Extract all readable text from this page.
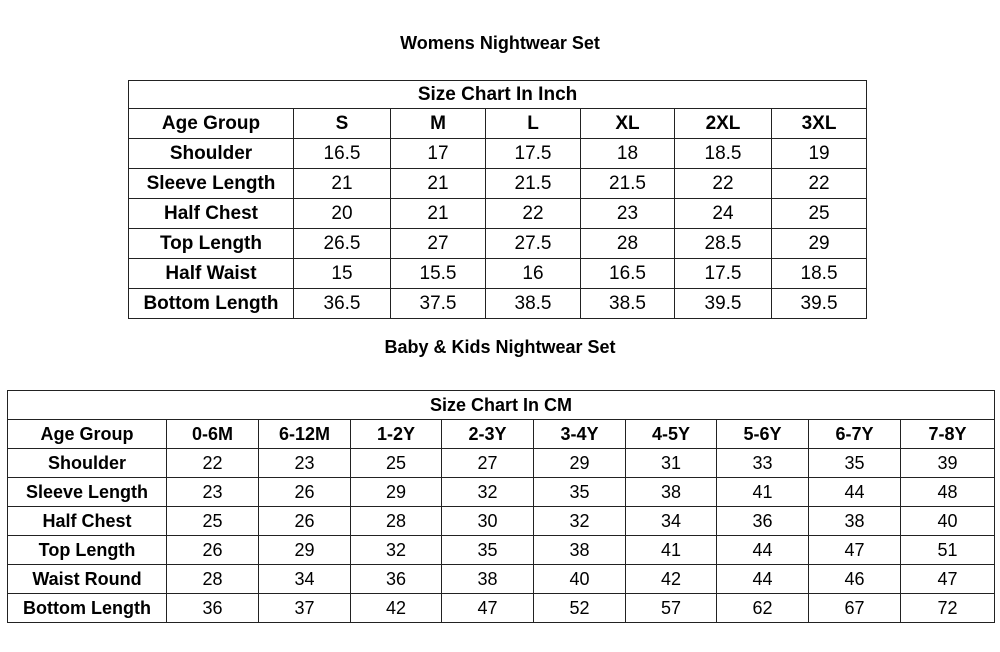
Womens Nightwear Set
Size Chart In Inch						
Age Group	S	M	L	XL	2XL	3XL
Shoulder	16.5	17	17.5	18	18.5	19
Sleeve Length	21	21	21.5	21.5	22	22
Half Chest	20	21	22	23	24	25
Top Length	26.5	27	27.5	28	28.5	29
Half Waist	15	15.5	16	16.5	17.5	18.5
Bottom Length	36.5	37.5	38.5	38.5	39.5	39.5
Baby & Kids Nightwear Set
Size Chart In CM									
Age Group	0-6M	6-12M	1-2Y	2-3Y	3-4Y	4-5Y	5-6Y	6-7Y	7-8Y
Shoulder	22	23	25	27	29	31	33	35	39
Sleeve Length	23	26	29	32	35	38	41	44	48
Half Chest	25	26	28	30	32	34	36	38	40
Top Length	26	29	32	35	38	41	44	47	51
Waist Round	28	34	36	38	40	42	44	46	47
Bottom Length	36	37	42	47	52	57	62	67	72
